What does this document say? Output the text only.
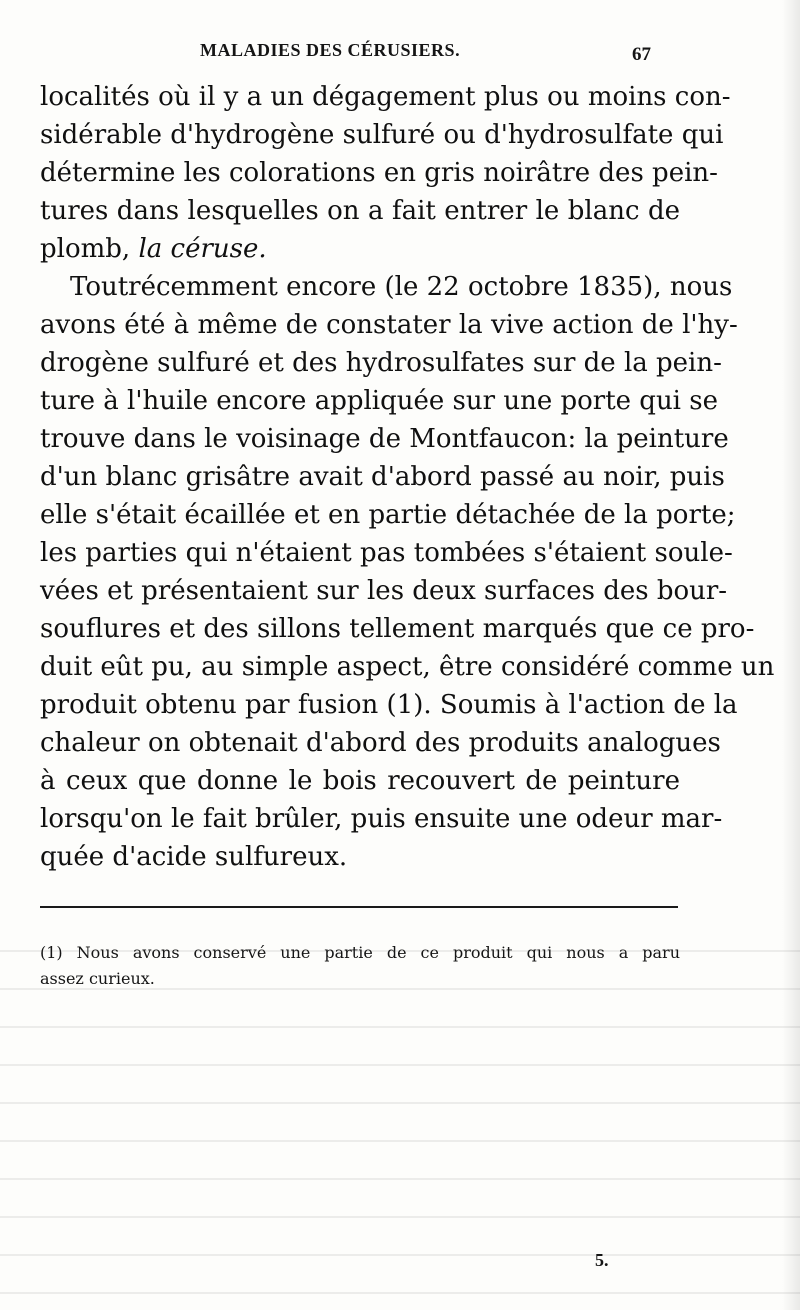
MALADIES DES CÉRUSIERS.	67
localités où il y a un dégagement plus ou moins con-
sidérable d'hydrogène sulfuré ou d'hydrosulfate qui
détermine les colorations en gris noirâtre des pein-
tures dans lesquelles on a fait entrer le blanc de
plomb, la céruse.
Toutrécemment encore (le 22 octobre 1835), nous
avons été à même de constater la vive action de l'hy-
drogène sulfuré et des hydrosulfates sur de la pein-
ture à l'huile encore appliquée sur une porte qui se
trouve dans le voisinage de Montfaucon: la peinture
d'un blanc grisâtre avait d'abord passé au noir, puis
elle s'était écaillée et en partie détachée de la porte;
les parties qui n'étaient pas tombées s'étaient soule-
vées et présentaient sur les deux surfaces des bour-
souflures et des sillons tellement marqués que ce pro-
duit eût pu, au simple aspect, être considéré comme un
produit obtenu par fusion (1). Soumis à l'action de la
chaleur on obtenait d'abord des produits analogues
à ceux que donne le bois recouvert de peinture
lorsqu'on le fait brûler, puis ensuite une odeur mar-
quée d'acide sulfureux.
(1) Nous avons conservé une partie de ce produit qui nous a paru
assez curieux.
5.
